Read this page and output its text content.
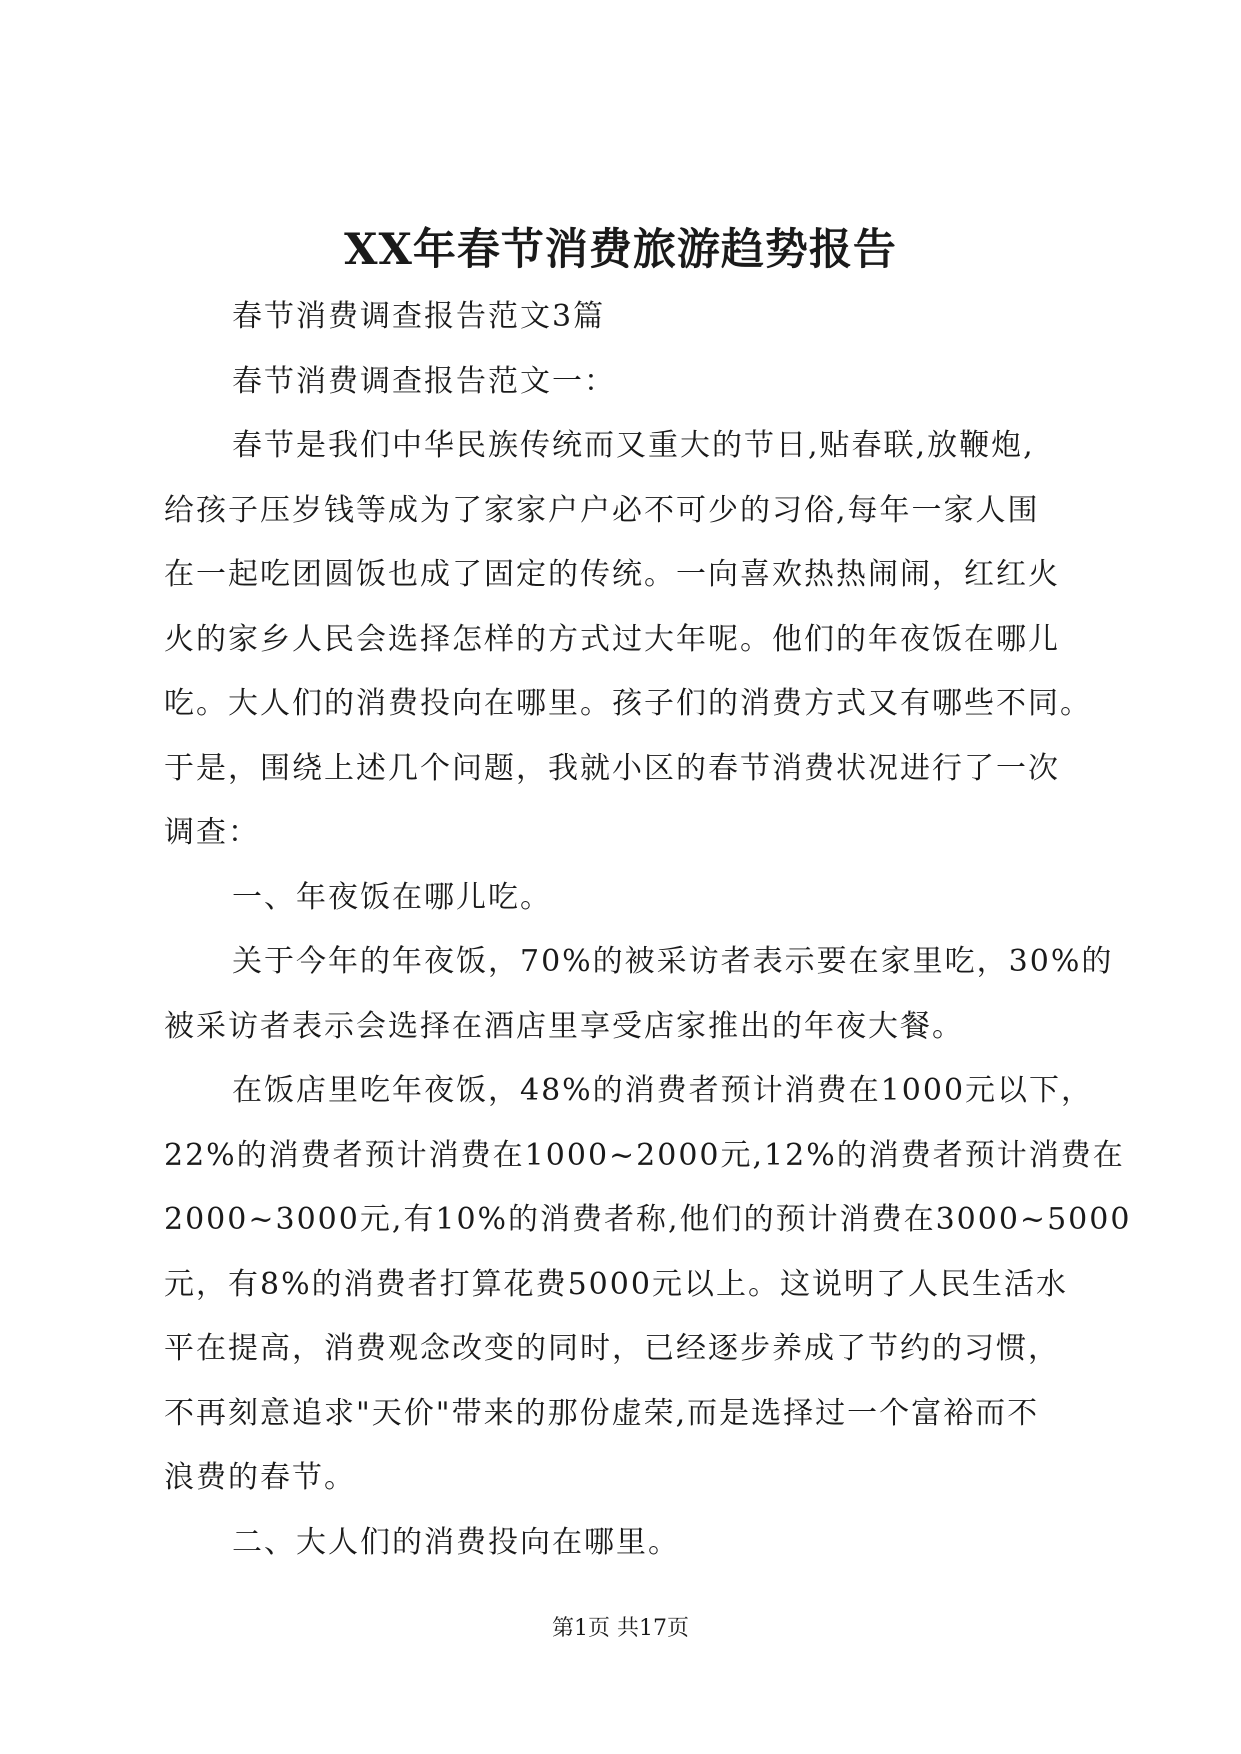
XX年春节消费旅游趋势报告
春节消费调查报告范文3篇
春节消费调查报告范文一：
春节是我们中华民族传统而又重大的节日,贴春联,放鞭炮,
给孩子压岁钱等成为了家家户户必不可少的习俗,每年一家人围
在一起吃团圆饭也成了固定的传统。一向喜欢热热闹闹，红红火
火的家乡人民会选择怎样的方式过大年呢。他们的年夜饭在哪儿
吃。大人们的消费投向在哪里。孩子们的消费方式又有哪些不同。
于是，围绕上述几个问题，我就小区的春节消费状况进行了一次
调查：
一、年夜饭在哪儿吃。
关于今年的年夜饭，70%的被采访者表示要在家里吃，30%的
被采访者表示会选择在酒店里享受店家推出的年夜大餐。
在饭店里吃年夜饭，48%的消费者预计消费在1000元以下，
22%的消费者预计消费在1000~2000元,12%的消费者预计消费在
2000~3000元,有10%的消费者称,他们的预计消费在3000~5000
元，有8%的消费者打算花费5000元以上。这说明了人民生活水
平在提高，消费观念改变的同时，已经逐步养成了节约的习惯，
不再刻意追求"天价"带来的那份虚荣,而是选择过一个富裕而不
浪费的春节。
二、大人们的消费投向在哪里。
第1页 共17页
